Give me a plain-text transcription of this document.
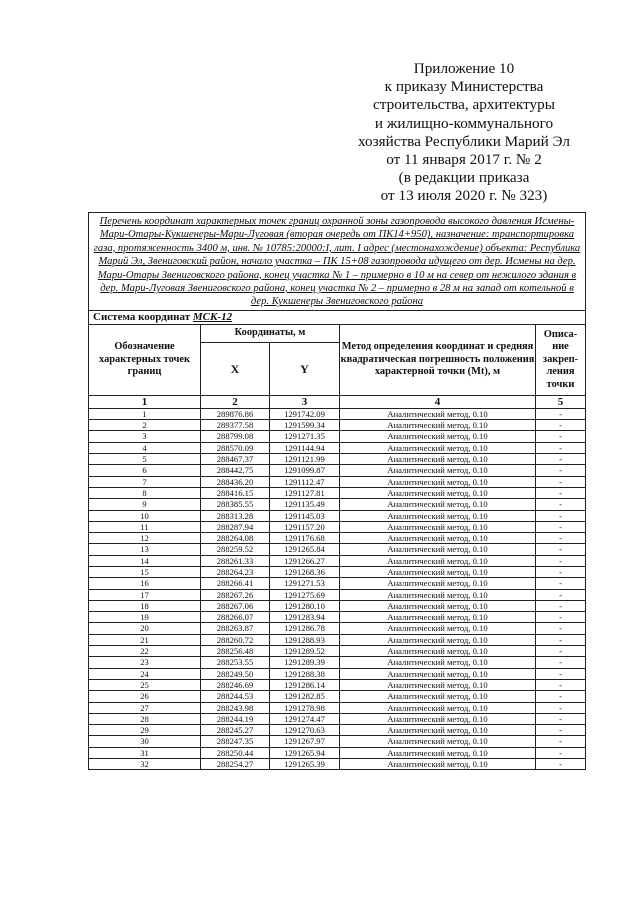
Приложение 10
к приказу Министерства
строительства, архитектуры
и жилищно-коммунального
хозяйства Республики Марий Эл
от 11 января 2017 г. № 2
(в редакции приказа
от 13 июля 2020 г. № 323)
Перечень координат характерных точек границ охранной зоны газопровода высокого давления Исмены-Мари-Отары-Кукшенеры-Мари-Луговая (вторая очередь от ПК14+950), назначение: транспортировка газа, протяженность 3400 м, инв. № 10785:20000:I, лит. I адрес (местонахождение) объекта: Республика Марий Эл, Звениговский район, начало участка – ПК 15+08 газопровода идущего от дер. Исмены на дер. Мари-Отары Звениговского района, конец участка № 1 – примерно в 10 м на север от нежилого здания в дер. Мари-Луговая Звениговского района, конец участка № 2 – примерно в 28 м на запад от котельной в дер. Кукшенеры Звениговского района				
Система координат МСК-12				
Обозначение характерных точек границ	Координаты, м		Метод определения координат и средняя квадратическая погрешность положения характерной точки (Mt), м	Описа-ние закреп-ления точки
	X	Y		
1	2	3	4	5
1	289876.86	1291742.09	Аналитический метод, 0.10	-
2	289377.58	1291599.34	Аналитический метод, 0.10	-
3	288799.08	1291271.35	Аналитический метод, 0.10	-
4	288570.09	1291144.94	Аналитический метод, 0.10	-
5	288467.37	1291121.99	Аналитический метод, 0.10	-
6	288442.75	1291099.87	Аналитический метод, 0.10	-
7	288436.20	1291112.47	Аналитический метод, 0.10	-
8	288416.15	1291127.81	Аналитический метод, 0.10	-
9	288385.55	1291135.49	Аналитический метод, 0.10	-
10	288313.28	1291145.03	Аналитический метод, 0.10	-
11	288287.94	1291157.20	Аналитический метод, 0.10	-
12	288264.08	1291176.68	Аналитический метод, 0.10	-
13	288259.52	1291265.84	Аналитический метод, 0.10	-
14	288261.33	1291266.27	Аналитический метод, 0.10	-
15	288264.23	1291268.36	Аналитический метод, 0.10	-
16	288266.41	1291271.53	Аналитический метод, 0.10	-
17	288267.26	1291275.69	Аналитический метод, 0.10	-
18	288267.06	1291280.10	Аналитический метод, 0.10	-
19	288266.07	1291283.94	Аналитический метод, 0.10	-
20	288263.87	1291286.78	Аналитический метод, 0.10	-
21	288260.72	1291288.93	Аналитический метод, 0.10	-
22	288256.48	1291289.52	Аналитический метод, 0.10	-
23	288253.55	1291289.39	Аналитический метод, 0.10	-
24	288249.50	1291288.38	Аналитический метод, 0.10	-
25	288246.69	1291286.14	Аналитический метод, 0.10	-
26	288244.53	1291282.85	Аналитический метод, 0.10	-
27	288243.98	1291278.98	Аналитический метод, 0.10	-
28	288244.19	1291274.47	Аналитический метод, 0.10	-
29	288245.27	1291270.63	Аналитический метод, 0.10	-
30	288247.35	1291267.97	Аналитический метод, 0.10	-
31	288250.44	1291265.94	Аналитический метод, 0.10	-
32	288254.27	1291265.39	Аналитический метод, 0.10	-
